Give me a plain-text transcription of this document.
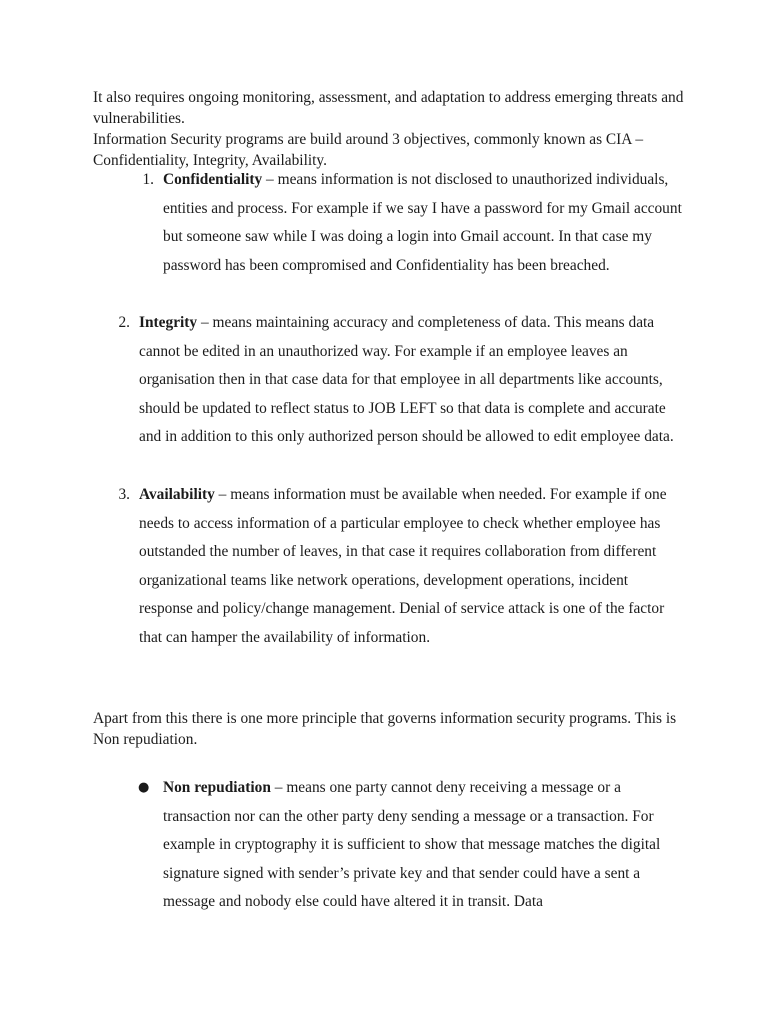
It also requires ongoing monitoring, assessment, and adaptation to address emerging threats and vulnerabilities.
Information Security programs are build around 3 objectives, commonly known as CIA – Confidentiality, Integrity, Availability.

1. Confidentiality – means information is not disclosed to unauthorized individuals, entities and process. For example if we say I have a password for my Gmail account but someone saw while I was doing a login into Gmail account. In that case my password has been compromised and Confidentiality has been breached.
2. Integrity – means maintaining accuracy and completeness of data. This means data cannot be edited in an unauthorized way. For example if an employee leaves an organisation then in that case data for that employee in all departments like accounts, should be updated to reflect status to JOB LEFT so that data is complete and accurate and in addition to this only authorized person should be allowed to edit employee data.
3. Availability – means information must be available when needed. For example if one needs to access information of a particular employee to check whether employee has outstanded the number of leaves, in that case it requires collaboration from different organizational teams like network operations, development operations, incident response and policy/change management. Denial of service attack is one of the factor that can hamper the availability of information.

Apart from this there is one more principle that governs information security programs. This is Non repudiation.

● Non repudiation – means one party cannot deny receiving a message or a transaction nor can the other party deny sending a message or a transaction. For example in cryptography it is sufficient to show that message matches the digital signature signed with sender’s private key and that sender could have a sent a message and nobody else could have altered it in transit. Data
